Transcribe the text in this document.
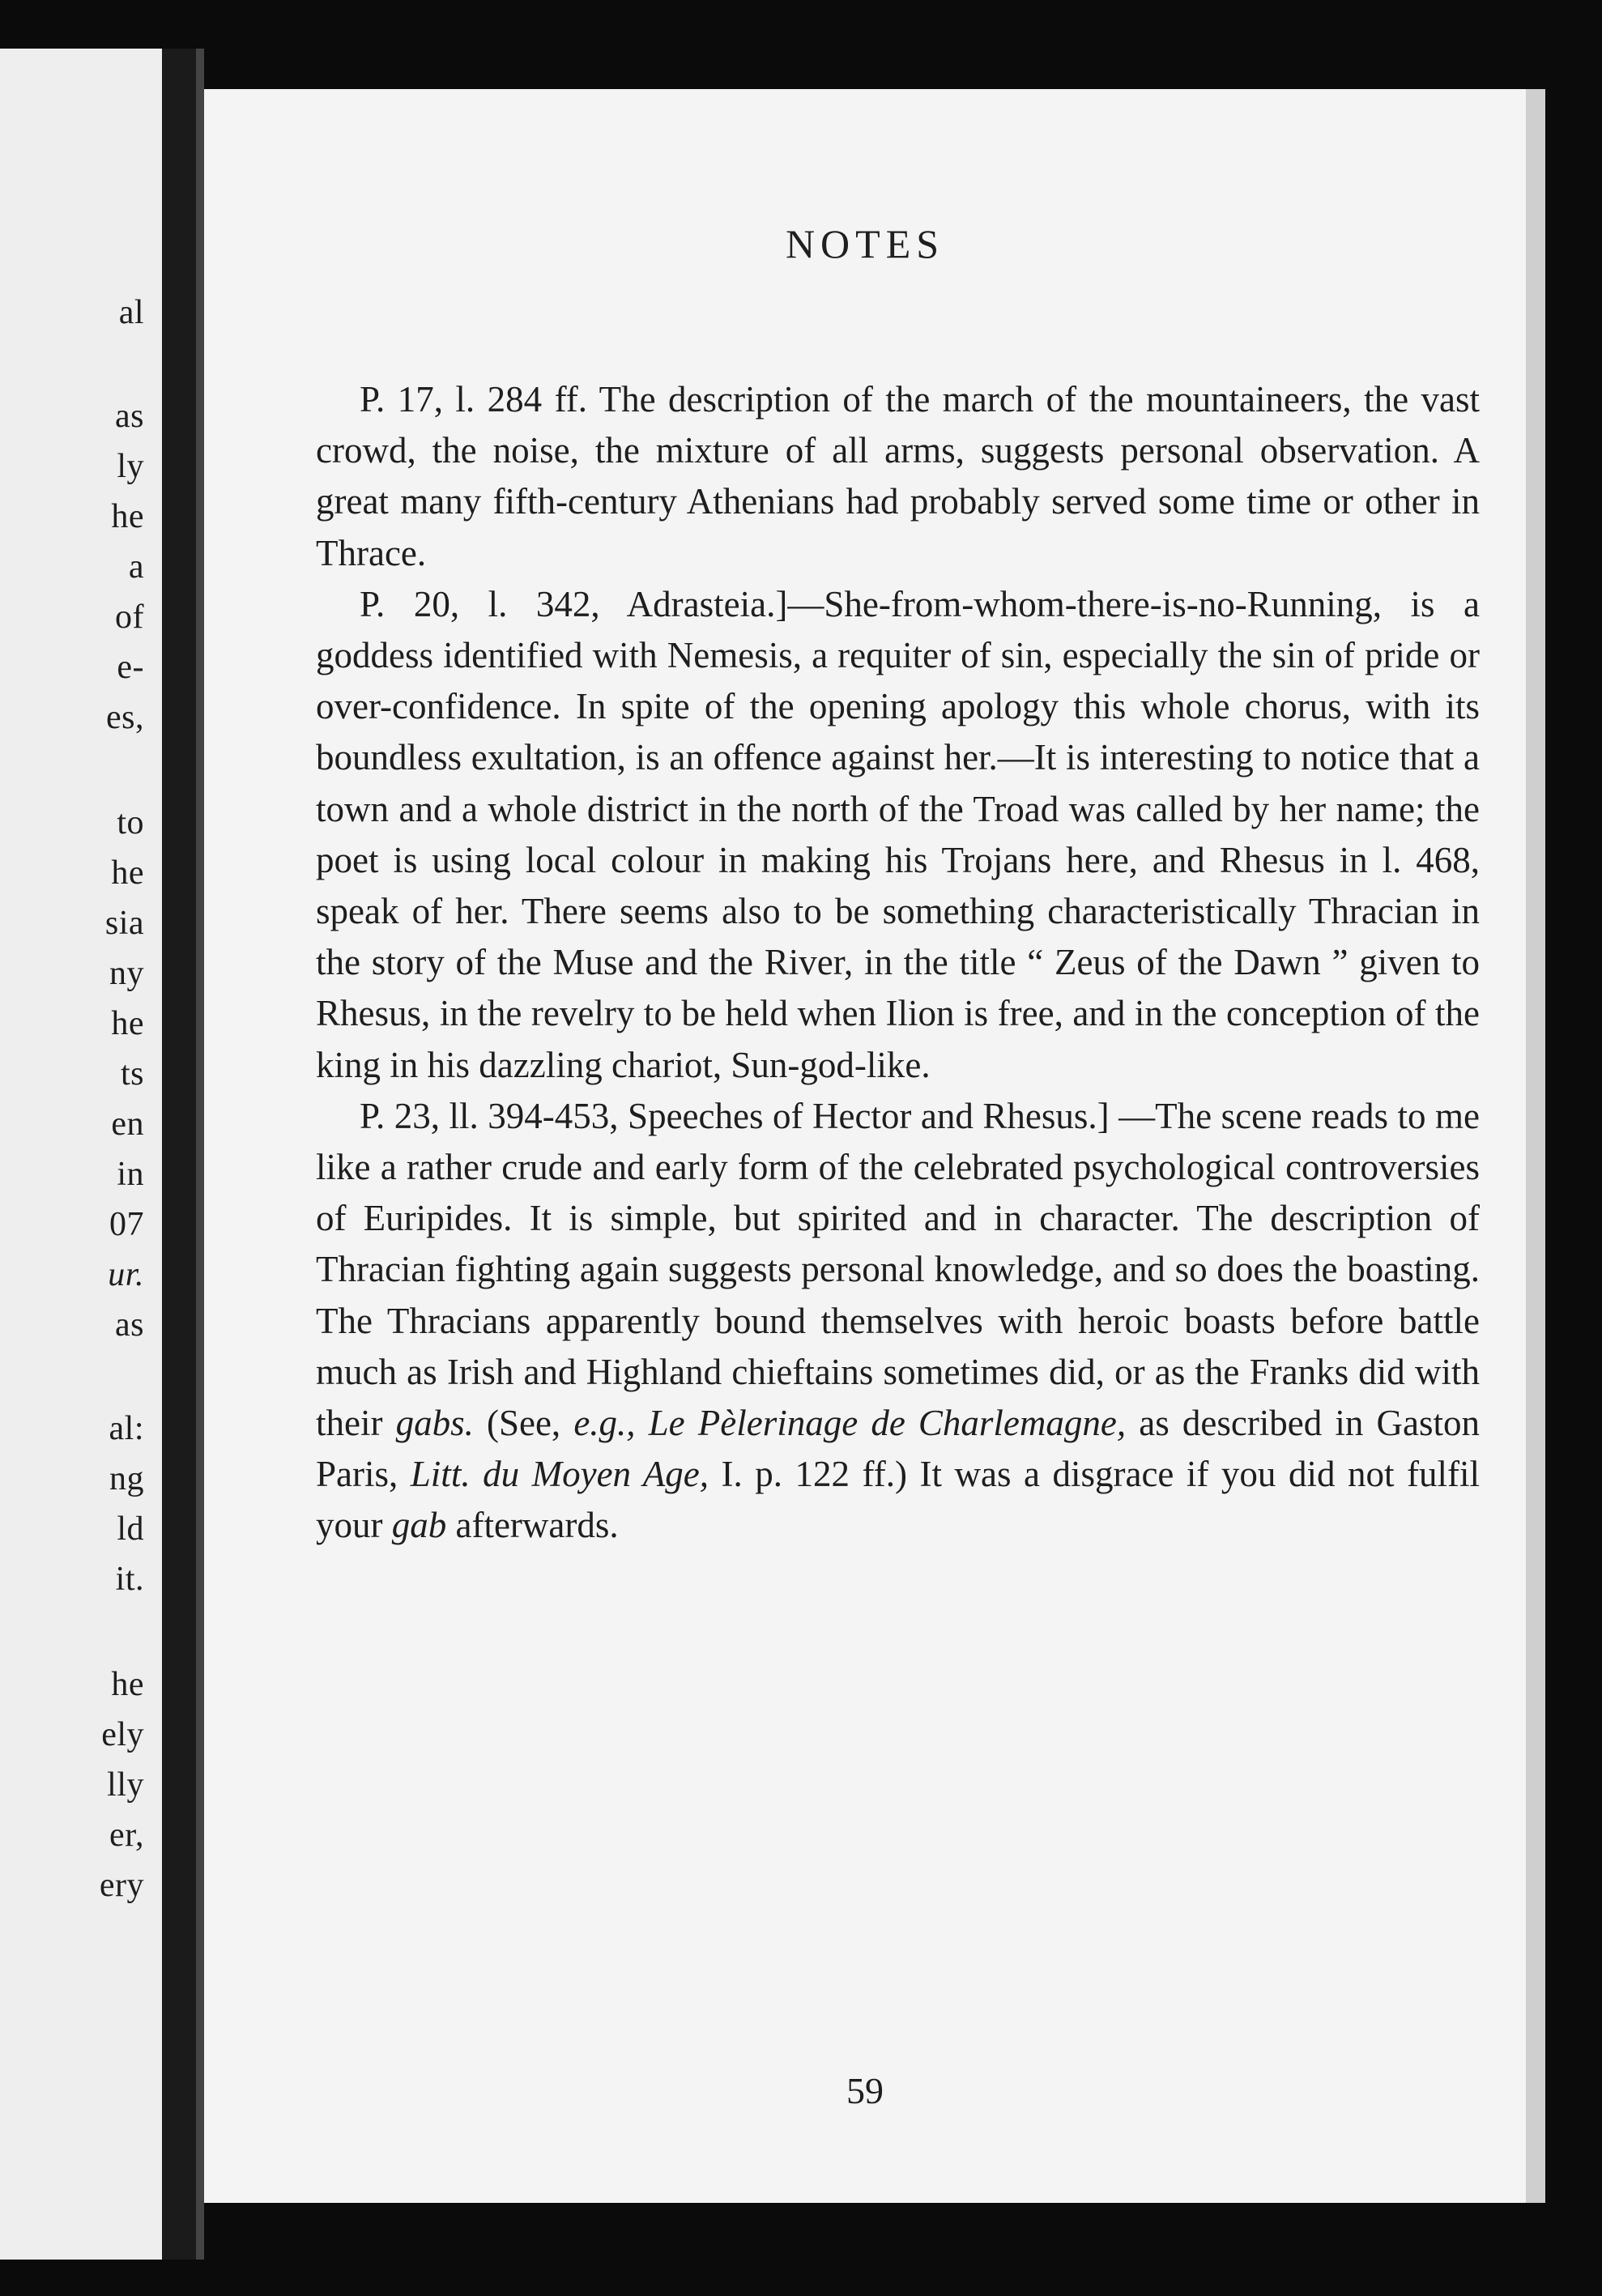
al
as
ly
he
a
of
e-
es,
to
he
sia
ny
he
ts
en
in
07
ur.
as
al:
ng
ld
it.
he
ely
lly
er,
ery
NOTES

P. 17, l. 284 ff. The description of the march of the mountaineers, the vast crowd, the noise, the mixture of all arms, suggests personal observation. A great many fifth-century Athenians had probably served some time or other in Thrace.

P. 20, l. 342, Adrasteia.]—She-from-whom-there-is-no-Running, is a goddess identified with Nemesis, a requiter of sin, especially the sin of pride or over-confidence. In spite of the opening apology this whole chorus, with its boundless exultation, is an offence against her.—It is interesting to notice that a town and a whole district in the north of the Troad was called by her name; the poet is using local colour in making his Trojans here, and Rhesus in l. 468, speak of her. There seems also to be something characteristically Thracian in the story of the Muse and the River, in the title “ Zeus of the Dawn ” given to Rhesus, in the revelry to be held when Ilion is free, and in the conception of the king in his dazzling chariot, Sun-god-like.

P. 23, ll. 394-453, Speeches of Hector and Rhesus.] —The scene reads to me like a rather crude and early form of the celebrated psychological controversies of Euripides. It is simple, but spirited and in character. The description of Thracian fighting again suggests personal knowledge, and so does the boasting. The Thracians apparently bound themselves with heroic boasts before battle much as Irish and Highland chieftains sometimes did, or as the Franks did with their gabs. (See, e.g., Le Pèlerinage de Charlemagne, as described in Gaston Paris, Litt. du Moyen Age, I. p. 122 ff.) It was a disgrace if you did not fulfil your gab afterwards.

59
